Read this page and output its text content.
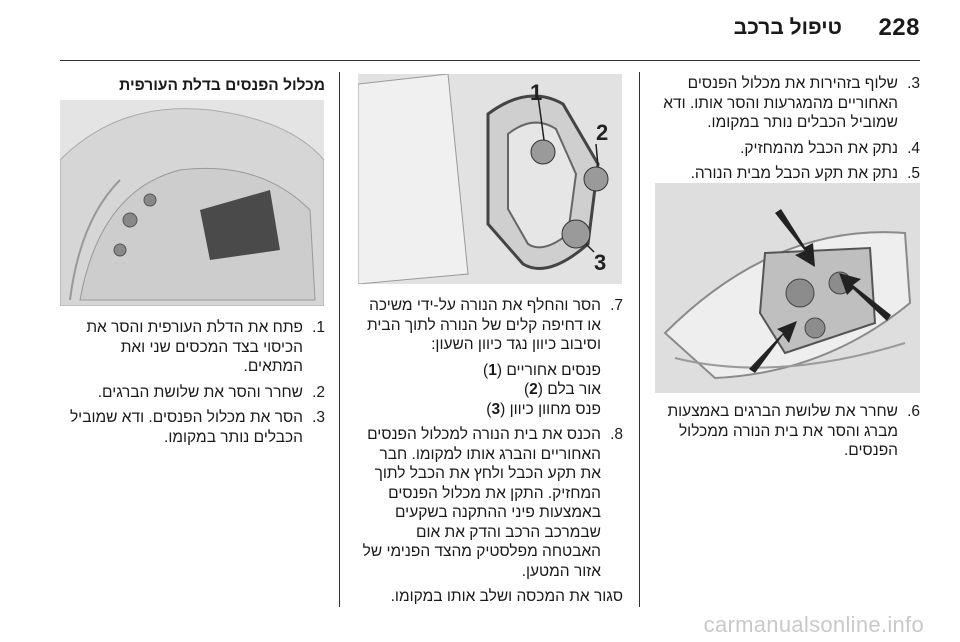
228
טיפול ברכב
3.
שלוף בזהירות את מכלול הפנסים האחוריים מהמגרעות והסר אותו. ודא שמוביל הכבלים נותר במקומו.
4.
נתק את הכבל מהמחזיק.
5.
נתק את תקע הכבל מבית הנורה.
6.
שחרר את שלושת הברגים באמצעות מברג והסר את בית הנורה ממכלול הפנסים.
1
2
3
7.
הסר והחלף את הנורה על-ידי משיכה או דחיפה קלים של הנורה לתוך הבית וסיבוב כיוון נגד כיוון השעון:
פנסים אחוריים (1)
אור בלם (2)
פנס מחוון כיוון (3)
8.
הכנס את בית הנורה למכלול הפנסים האחוריים והברג אותו למקומו. חבר את תקע הכבל ולחץ את הכבל לתוך המחזיק. התקן את מכלול הפנסים באמצעות פיני ההתקנה בשקעים שבמרכב הרכב והדק את אום האבטחה מפלסטיק מהצד הפנימי של אזור המטען.

סגור את המכסה ושלב אותו במקומו.

מכלול הפנסים בדלת העורפית
1.
פתח את הדלת העורפית והסר את הכיסוי בצד המכסים שני ואת המתאים.
2.
שחרר והסר את שלושת הברגים.
3.
הסר את מכלול הפנסים. ודא שמוביל הכבלים נותר במקומו.
carmanualsonline.info
